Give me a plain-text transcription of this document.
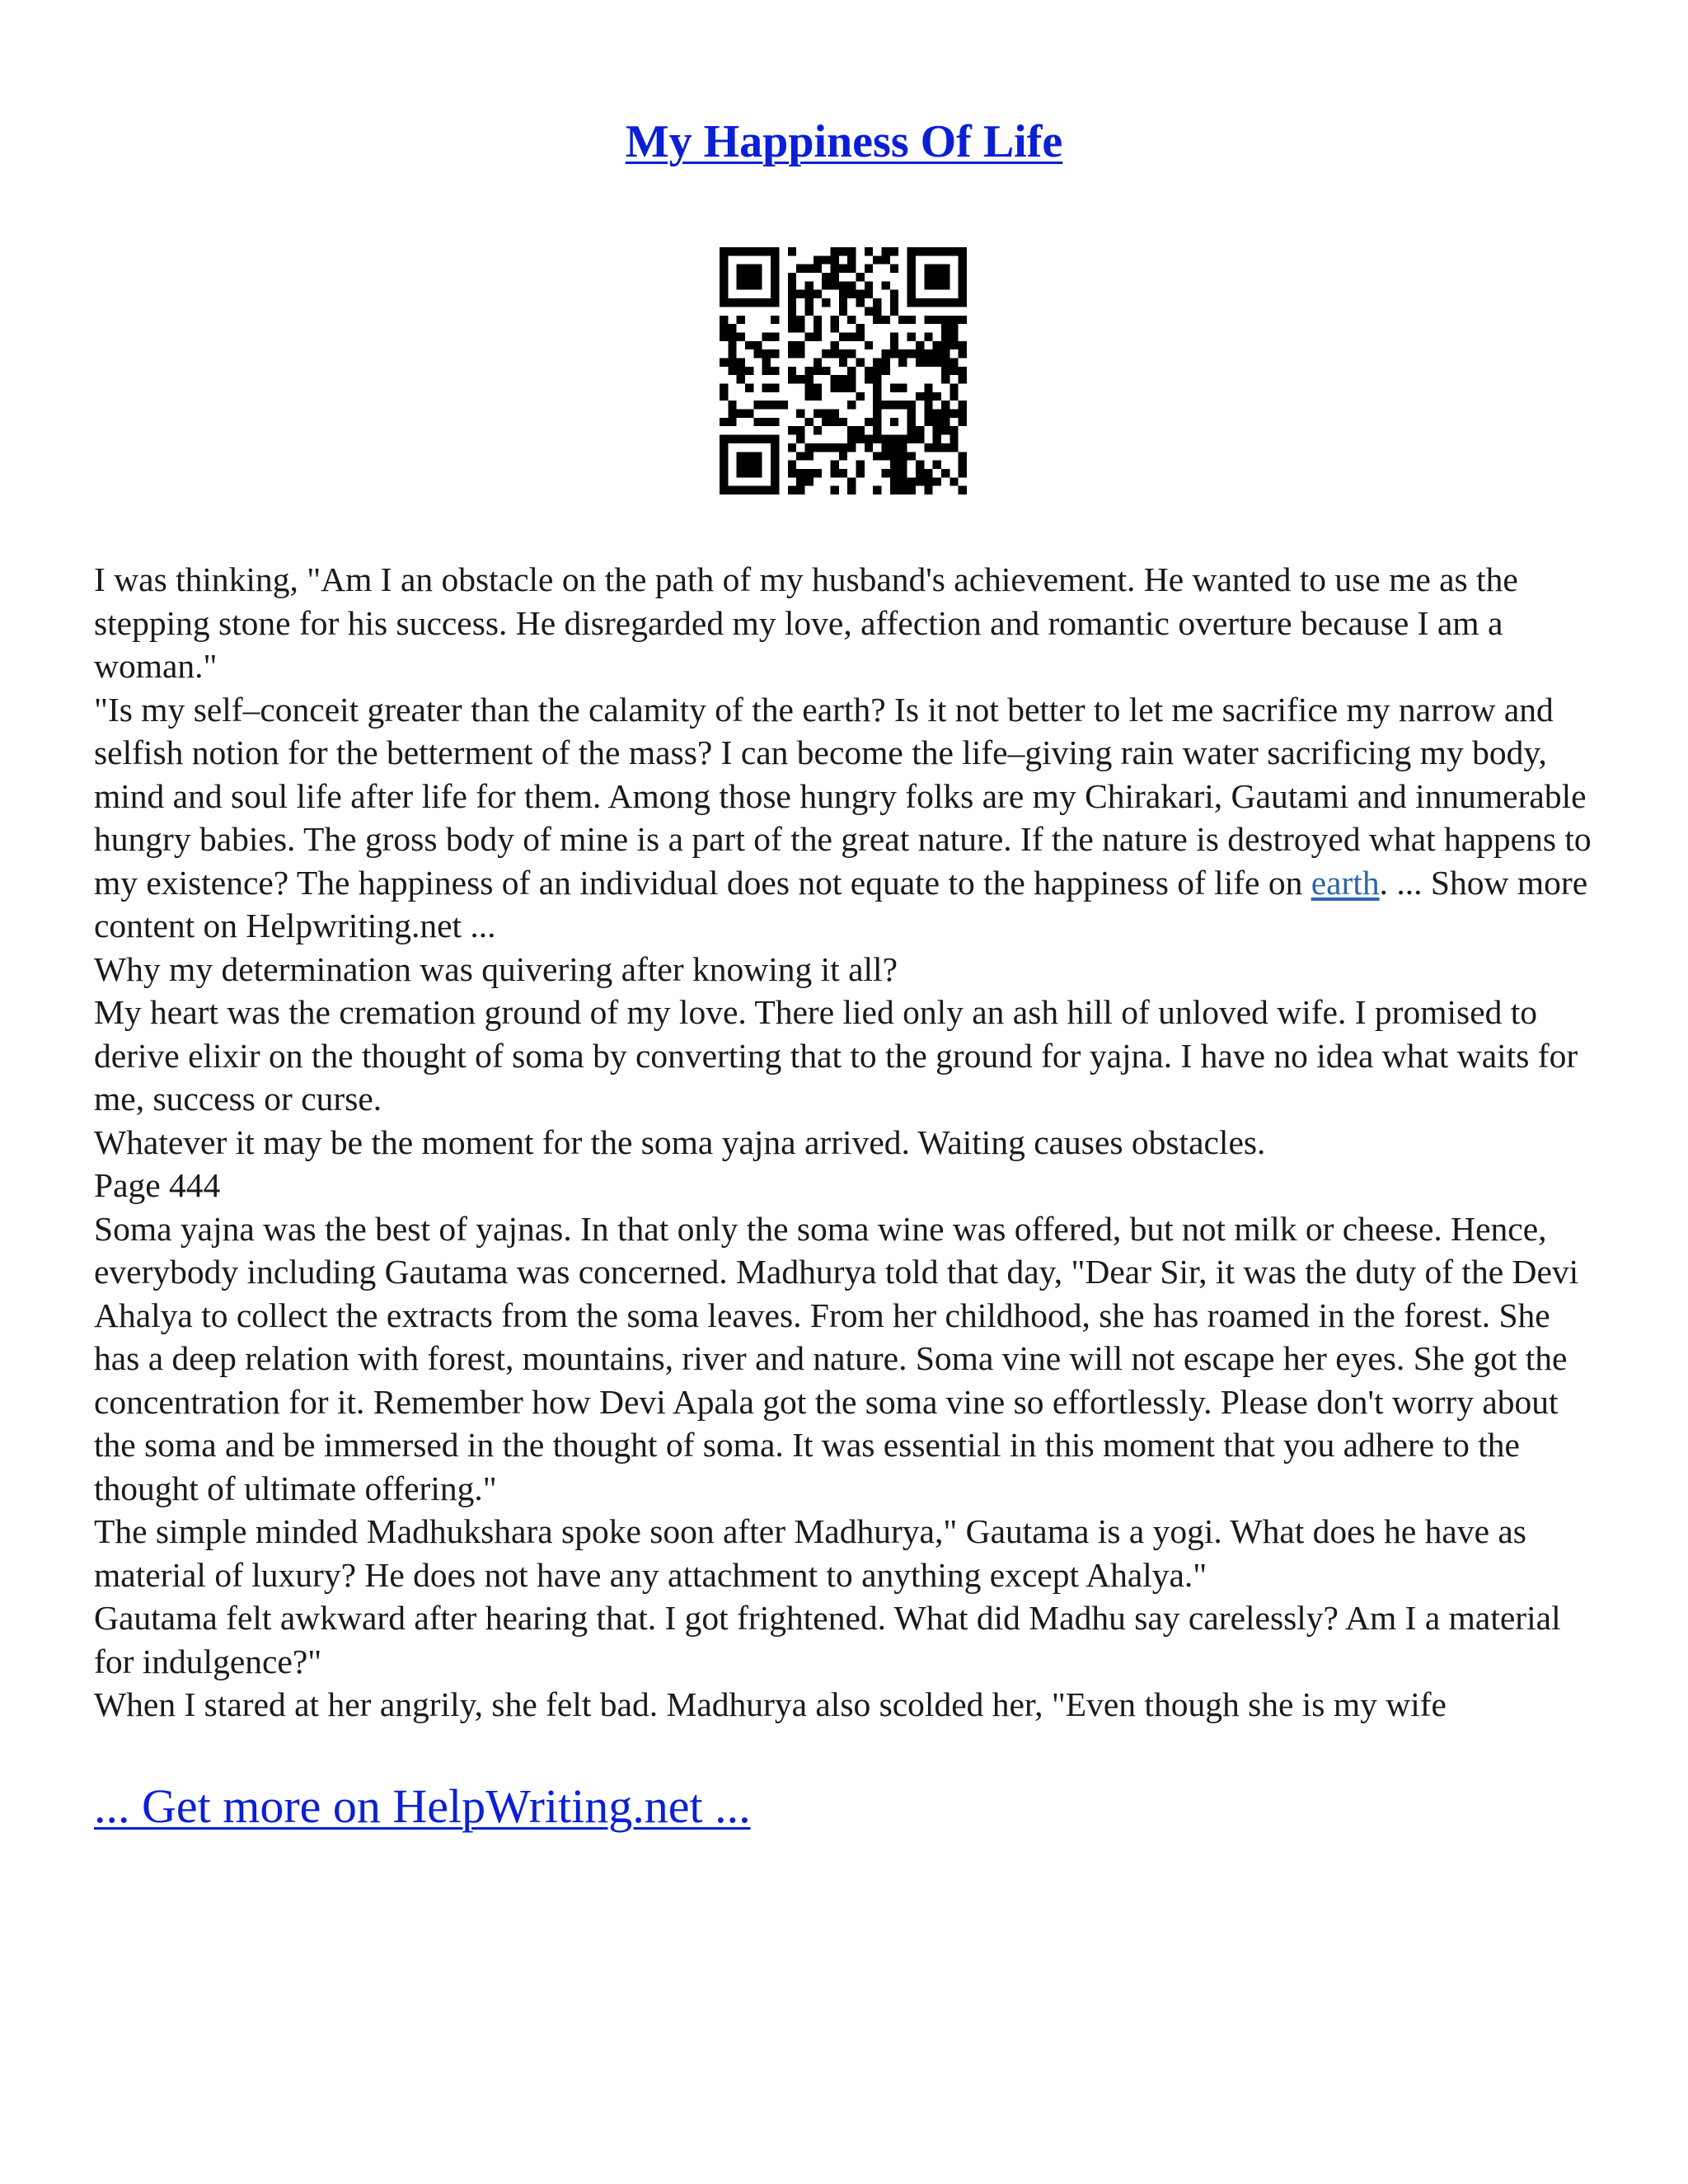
My Happiness Of Life

I was thinking, "Am I an obstacle on the path of my husband's achievement. He wanted to use me as the stepping stone for his success. He disregarded my love, affection and romantic overture because I am a woman."

"Is my self–conceit greater than the calamity of the earth? Is it not better to let me sacrifice my narrow and selfish notion for the betterment of the mass? I can become the life–giving rain water sacrificing my body, mind and soul life after life for them. Among those hungry folks are my Chirakari, Gautami and innumerable hungry babies. The gross body of mine is a part of the great nature. If the nature is destroyed what happens to my existence? The happiness of an individual does not equate to the happiness of life on earth. ... Show more content on Helpwriting.net ...

Why my determination was quivering after knowing it all?

My heart was the cremation ground of my love. There lied only an ash hill of unloved wife. I promised to derive elixir on the thought of soma by converting that to the ground for yajna. I have no idea what waits for me, success or curse.

Whatever it may be the moment for the soma yajna arrived. Waiting causes obstacles.

Page 444

Soma yajna was the best of yajnas. In that only the soma wine was offered, but not milk or cheese. Hence, everybody including Gautama was concerned. Madhurya told that day, "Dear Sir, it was the duty of the Devi Ahalya to collect the extracts from the soma leaves. From her childhood, she has roamed in the forest. She has a deep relation with forest, mountains, river and nature. Soma vine will not escape her eyes. She got the concentration for it. Remember how Devi Apala got the soma vine so effortlessly. Please don't worry about the soma and be immersed in the thought of soma. It was essential in this moment that you adhere to the thought of ultimate offering."

The simple minded Madhukshara spoke soon after Madhurya," Gautama is a yogi. What does he have as material of luxury? He does not have any attachment to anything except Ahalya."

Gautama felt awkward after hearing that. I got frightened. What did Madhu say carelessly? Am I a material for indulgence?"

When I stared at her angrily, she felt bad. Madhurya also scolded her, "Even though she is my wife

... Get more on HelpWriting.net ...
